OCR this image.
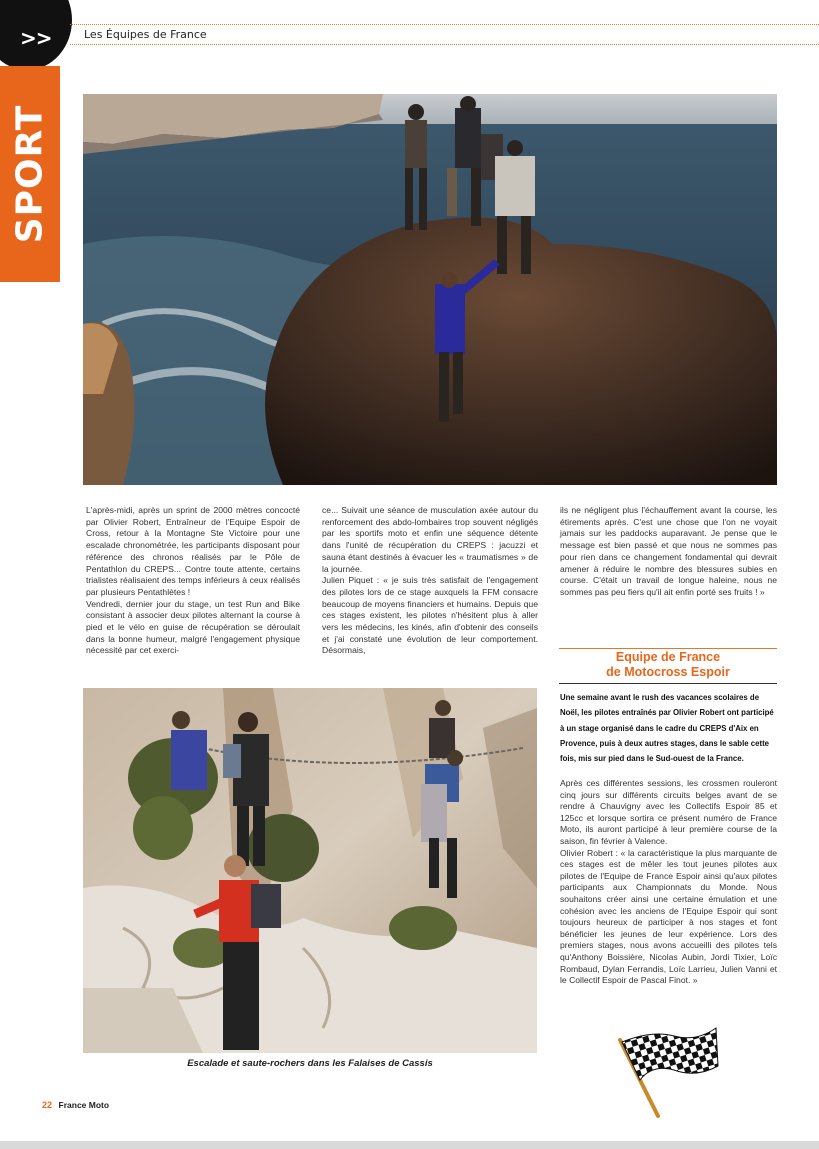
>>	Les Équipes de France
SPORT

L'après-midi, après un sprint de 2000 mètres concocté par Olivier Robert, Entraîneur de l'Equipe Espoir de Cross, retour à la Montagne Ste Victoire pour une escalade chronométrée, les participants disposant pour référence des chronos réalisés par le Pôle de Pentathlon du CREPS... Contre toute attente, certains trialistes réalisaient des temps inférieurs à ceux réalisés par plusieurs Pentathlètes !

Vendredi, dernier jour du stage, un test Run and Bike consistant à associer deux pilotes alternant la course à pied et le vélo en guise de récupération se déroulait dans la bonne humeur, malgré l'engagement physique nécessité par cet exerci-

ce... Suivait une séance de musculation axée autour du renforcement des abdo-lombaires trop souvent négligés par les sportifs moto et enfin une séquence détente dans l'unité de récupération du CREPS : jacuzzi et sauna étant destinés à évacuer les « traumatismes » de la journée.

Julien Piquet : « je suis très satisfait de l'engagement des pilotes lors de ce stage auxquels la FFM consacre beaucoup de moyens financiers et humains. Depuis que ces stages existent, les pilotes n'hésitent plus à aller vers les médecins, les kinés, afin d'obtenir des conseils et j'ai constaté une évolution de leur comportement. Désormais,

ils ne négligent plus l'échauffement avant la course, les étirements après. C'est une chose que l'on ne voyait jamais sur les paddocks auparavant. Je pense que le message est bien passé et que nous ne sommes pas pour rien dans ce changement fondamental qui devrait amener à réduire le nombre des blessures subies en course. C'était un travail de longue haleine, nous ne sommes pas peu fiers qu'il ait enfin porté ses fruits ! »

Equipe de France
de Motocross Espoir
Une semaine avant le rush des vacances scolaires de Noël, les pilotes entraînés par Olivier Robert ont participé à un stage organisé dans le cadre du CREPS d'Aix en Provence, puis à deux autres stages, dans le sable cette fois, mis sur pied dans le Sud-ouest de la France.

Après ces différentes sessions, les crossmen rouleront cinq jours sur différents circuits belges avant de se rendre à Chauvigny avec les Collectifs Espoir 85 et 125cc et lorsque sortira ce présent numéro de France Moto, ils auront participé à leur première course de la saison, fin février à Valence.

Olivier Robert : « la caractéristique la plus marquante de ces stages est de mêler les tout jeunes pilotes aux pilotes de l'Equipe de France Espoir ainsi qu'aux pilotes participants aux Championnats du Monde. Nous souhaitons créer ainsi une certaine émulation et une cohésion avec les anciens de l'Equipe Espoir qui sont toujours heureux de participer à nos stages et font bénéficier les jeunes de leur expérience. Lors des premiers stages, nous avons accueilli des pilotes tels qu'Anthony Boissière, Nicolas Aubin, Jordi Tixier, Loïc Rombaud, Dylan Ferrandis, Loïc Larrieu, Julien Vanni et le Collectif Espoir de Pascal Finot. »

Escalade et saute-rochers dans les Falaises de Cassis
22 France Moto
